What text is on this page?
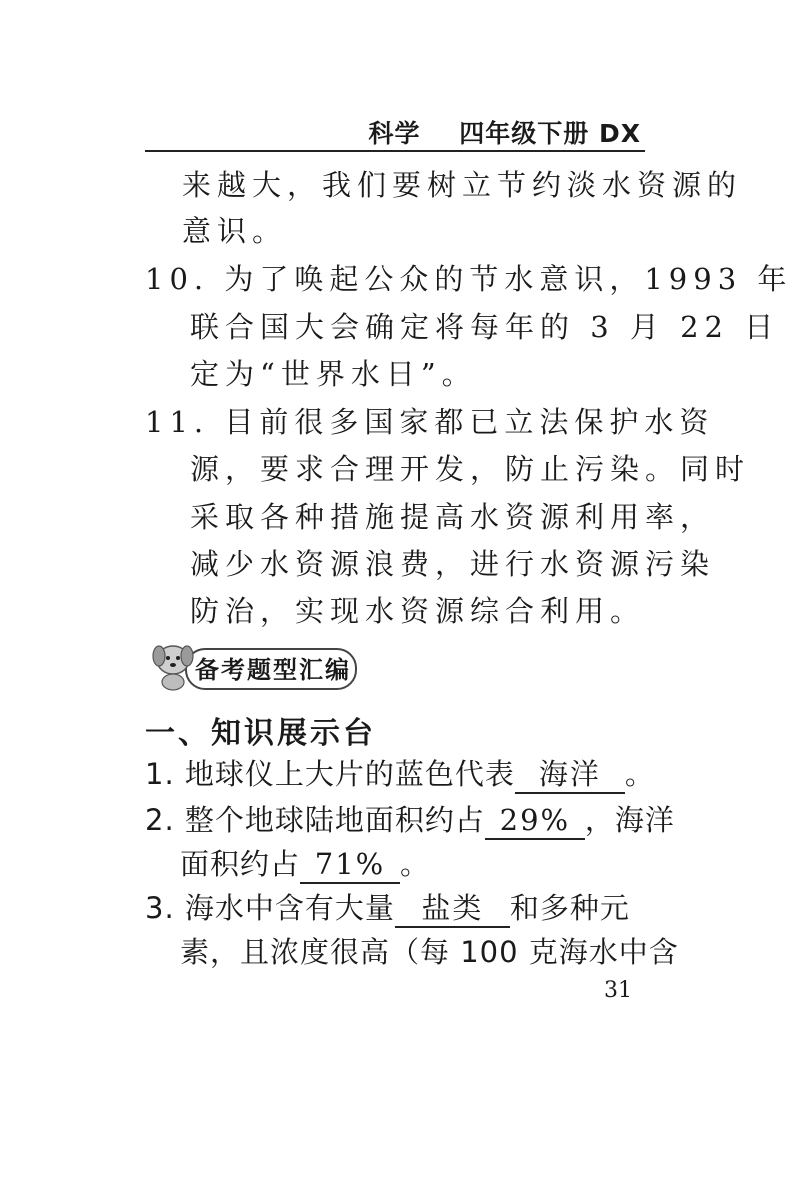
科学    四年级下册 DX
来越大，我们要树立节约淡水资源的
意识。
10. 为了唤起公众的节水意识，1993 年
联合国大会确定将每年的 3 月 22 日
定为“世界水日”。
11. 目前很多国家都已立法保护水资
源，要求合理开发，防止污染。同时
采取各种措施提高水资源利用率，
减少水资源浪费，进行水资源污染
防治，实现水资源综合利用。
备考题型汇编
一、知识展示台
1. 地球仪上大片的蓝色代表 海洋 。
2. 整个地球陆地面积约占 29% ，海洋
面积约占 71% 。
3. 海水中含有大量 盐类 和多种元
素，且浓度很高（每 100 克海水中含
31
